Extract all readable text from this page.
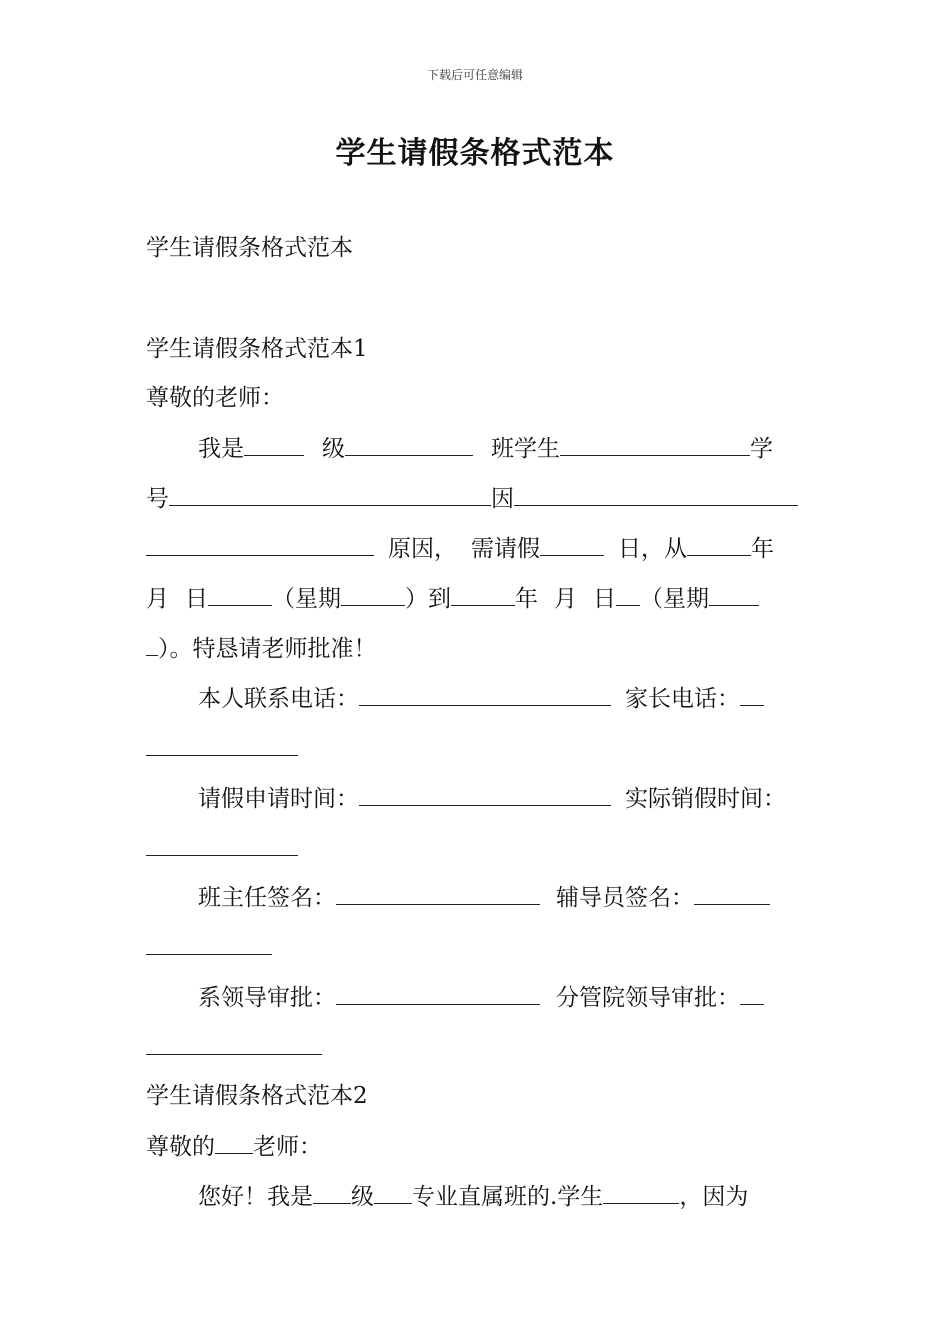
下载后可任意编辑
学生请假条格式范本
学生请假条格式范本
学生请假条格式范本1
尊敬的老师：
我是	级	班学生	学
号	因
原因， 需请假	日，从	年
月 日	（星期	）到	年 月 日 （星期
）。特恳请老师批准！
本人联系电话：	家长电话：
请假申请时间：	实际销假时间：
班主任签名：	辅导员签名：
系领导审批：	分管院领导审批：
学生请假条格式范本2
尊敬的 老师：
您好！我是 级 专业直属班的.学生	，因为
